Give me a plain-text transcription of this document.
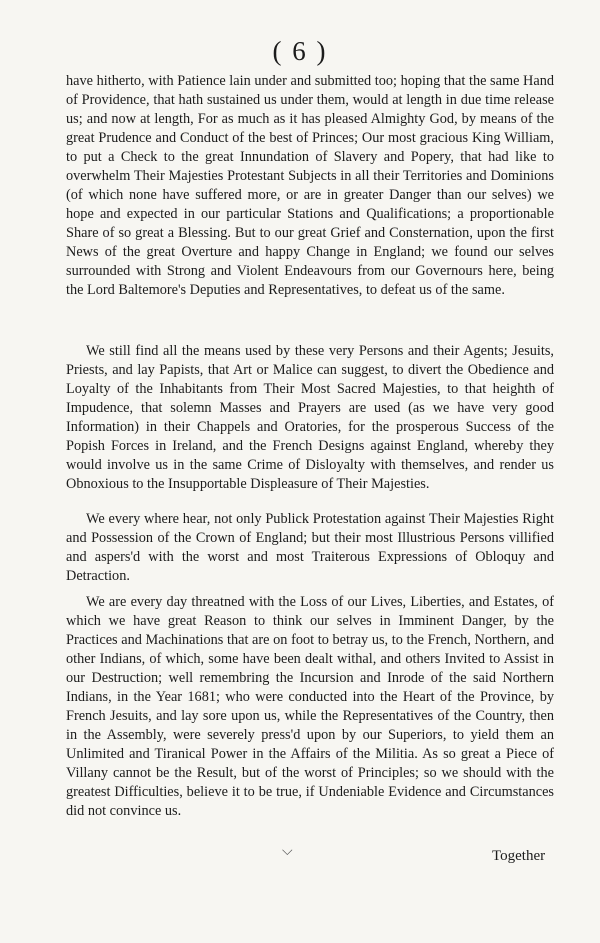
( 6 )
have hitherto, with Patience lain under and submitted too; hoping that the same Hand of Providence, that hath sustained us under them, would at length in due time release us; and now at length, For as much as it has pleased Almighty God, by means of the great Prudence and Conduct of the best of Princes; Our most gracious King William, to put a Check to the great Innundation of Slavery and Popery, that had like to overwhelm Their Majesties Protestant Subjects in all their Territories and Dominions (of which none have suffered more, or are in greater Danger than our selves) we hope and expected in our particular Stations and Qualifications; a proportionable Share of so great a Blessing. But to our great Grief and Consternation, upon the first News of the great Overture and happy Change in England; we found our selves surrounded with Strong and Violent Endeavours from our Governours here, being the Lord Baltemore's Deputies and Representatives, to defeat us of the same.
We still find all the means used by these very Persons and their Agents; Jesuits, Priests, and lay Papists, that Art or Malice can suggest, to divert the Obedience and Loyalty of the Inhabitants from Their Most Sacred Majesties, to that heighth of Impudence, that solemn Masses and Prayers are used (as we have very good Information) in their Chappels and Oratories, for the prosperous Success of the Popish Forces in Ireland, and the French Designs against England, whereby they would involve us in the same Crime of Disloyalty with themselves, and render us Obnoxious to the Insupportable Displeasure of Their Majesties.
We every where hear, not only Publick Protestation against Their Majesties Right and Possession of the Crown of England; but their most Illustrious Persons villified and aspers'd with the worst and most Traiterous Expressions of Obloquy and Detraction.
We are every day threatned with the Loss of our Lives, Liberties, and Estates, of which we have great Reason to think our selves in Imminent Danger, by the Practices and Machinations that are on foot to betray us, to the French, Northern, and other Indians, of which, some have been dealt withal, and others Invited to Assist in our Destruction; well remembring the Incursion and Inrode of the said Northern Indians, in the Year 1681; who were conducted into the Heart of the Province, by French Jesuits, and lay sore upon us, while the Representatives of the Country, then in the Assembly, were severely press'd upon by our Superiors, to yield them an Unlimited and Tiranical Power in the Affairs of the Militia. As so great a Piece of Villany cannot be the Result, but of the worst of Principles; so we should with the greatest Difficulties, believe it to be true, if Undeniable Evidence and Circumstances did not convince us.
⌵	Together
